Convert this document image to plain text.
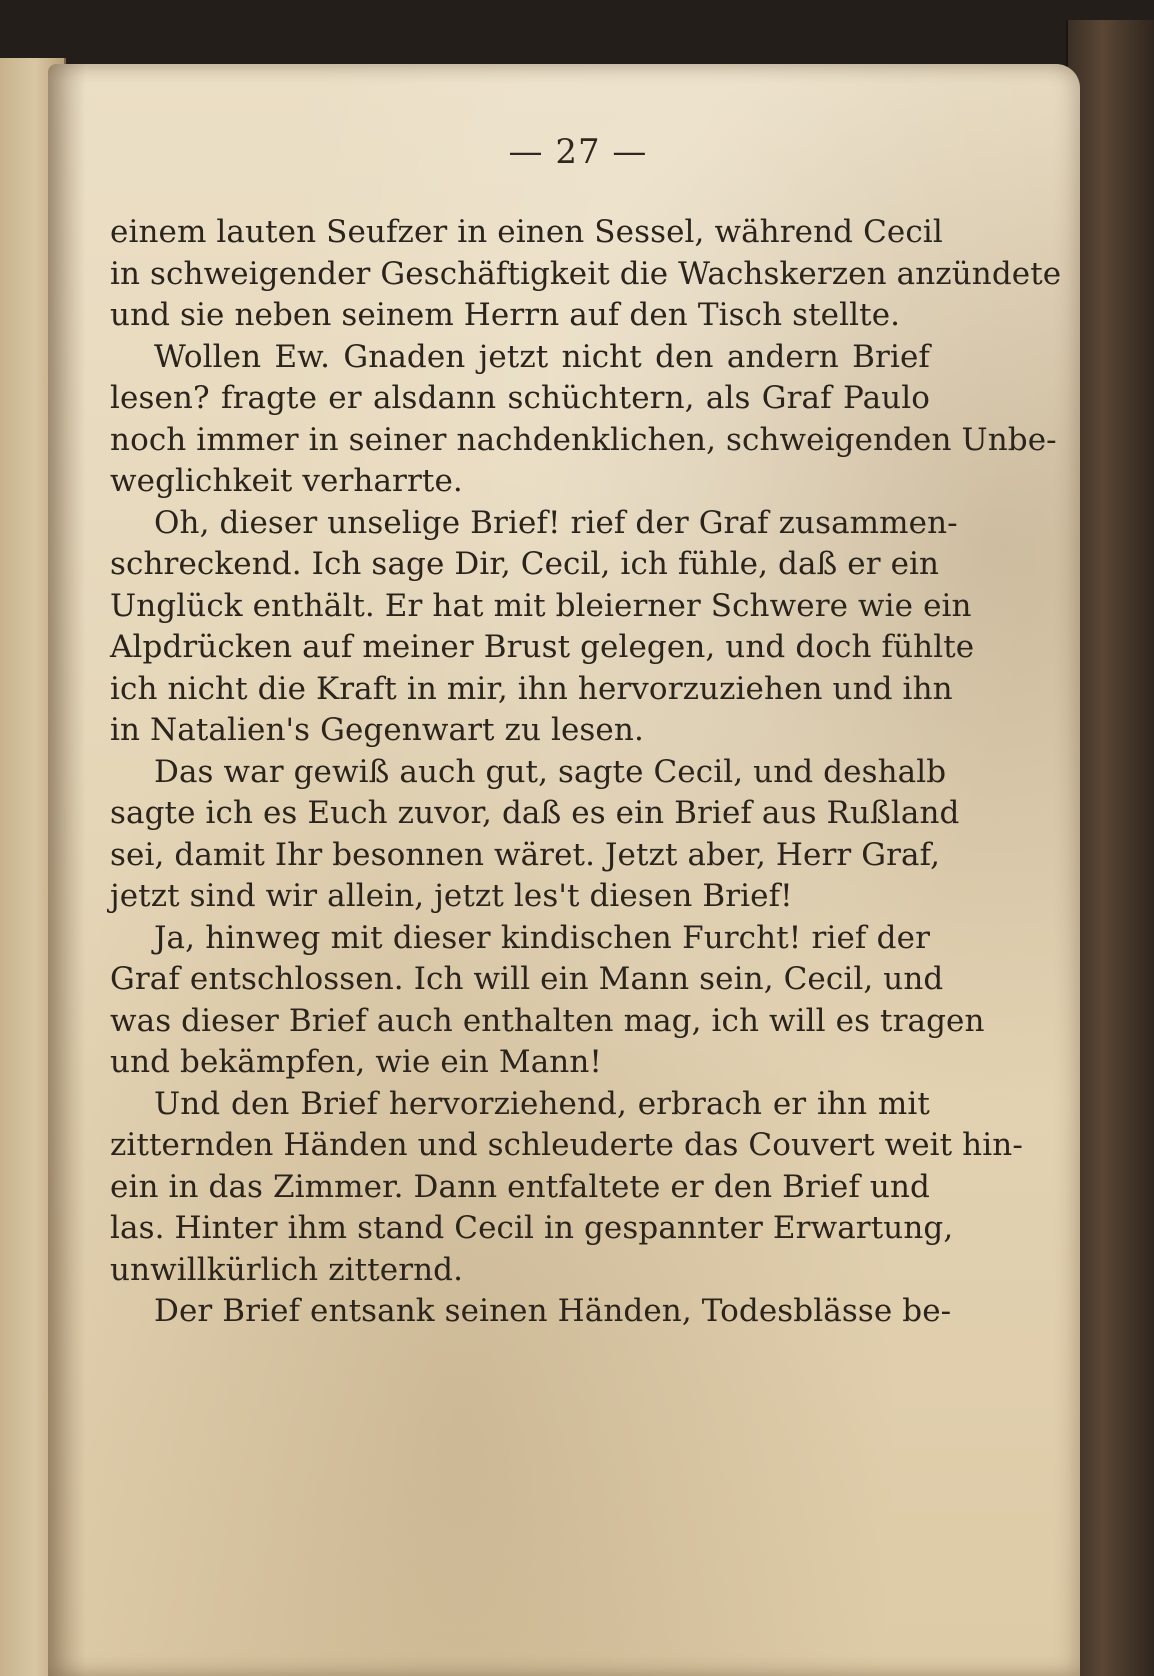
— 27 —
einem lauten Seufzer in einen Sessel, während Cecil
in schweigender Geschäftigkeit die Wachskerzen anzündete
und sie neben seinem Herrn auf den Tisch stellte.
Wollen Ew. Gnaden jetzt nicht den andern Brief
lesen? fragte er alsdann schüchtern, als Graf Paulo
noch immer in seiner nachdenklichen, schweigenden Unbe-
weglichkeit verharrte.
Oh, dieser unselige Brief! rief der Graf zusammen-
schreckend. Ich sage Dir, Cecil, ich fühle, daß er ein
Unglück enthält. Er hat mit bleierner Schwere wie ein
Alpdrücken auf meiner Brust gelegen, und doch fühlte
ich nicht die Kraft in mir, ihn hervorzuziehen und ihn
in Natalien's Gegenwart zu lesen.
Das war gewiß auch gut, sagte Cecil, und deshalb
sagte ich es Euch zuvor, daß es ein Brief aus Rußland
sei, damit Ihr besonnen wäret. Jetzt aber, Herr Graf,
jetzt sind wir allein, jetzt les't diesen Brief!
Ja, hinweg mit dieser kindischen Furcht! rief der
Graf entschlossen. Ich will ein Mann sein, Cecil, und
was dieser Brief auch enthalten mag, ich will es tragen
und bekämpfen, wie ein Mann!
Und den Brief hervorziehend, erbrach er ihn mit
zitternden Händen und schleuderte das Couvert weit hin-
ein in das Zimmer. Dann entfaltete er den Brief und
las. Hinter ihm stand Cecil in gespannter Erwartung,
unwillkürlich zitternd.
Der Brief entsank seinen Händen, Todesblässe be-
